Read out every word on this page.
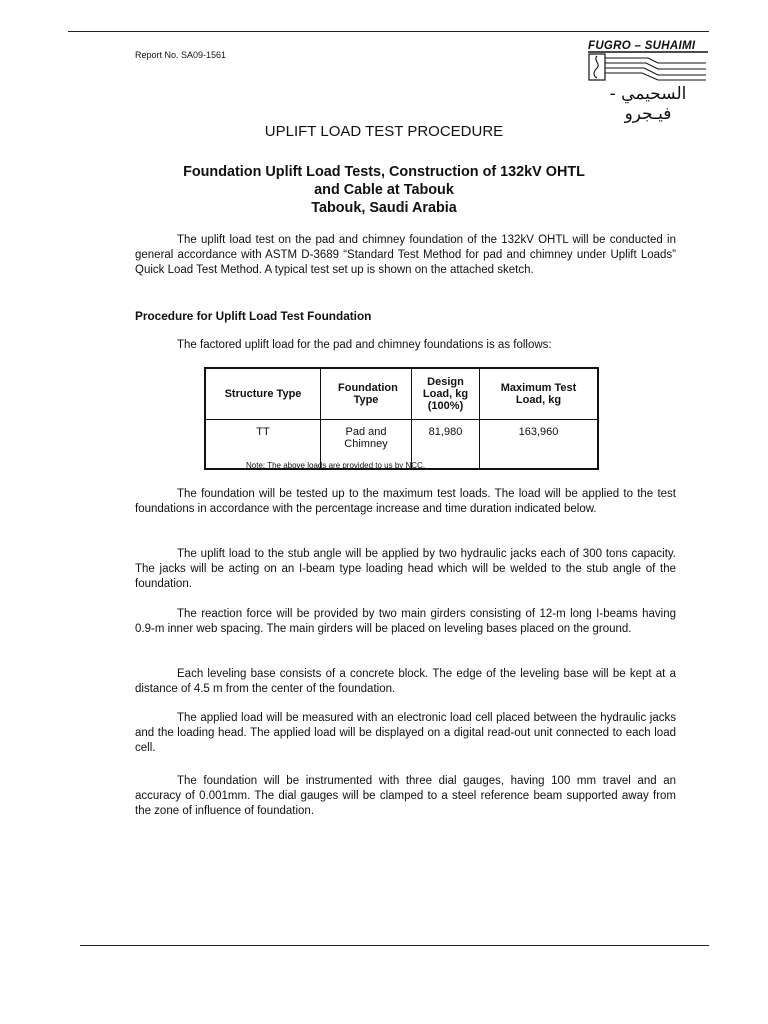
Report No. SA09-1561
FUGRO – SUHAIMI
السحيمي - فيـجرو
UPLIFT LOAD TEST PROCEDURE
Foundation Uplift Load Tests, Construction of 132kV OHTL
and Cable at Tabouk
Tabouk, Saudi Arabia

The uplift load test on the pad and chimney foundation of the 132kV OHTL will be conducted in general accordance with ASTM D-3689 “Standard Test Method for pad and chimney under Uplift Loads” Quick Load Test Method. A typical test set up is shown on the attached sketch.

Procedure for Uplift Load Test Foundation

The factored uplift load for the pad and chimney foundations is as follows:

Structure Type	Foundation Type	Design Load, kg (100%)	Maximum Test Load, kg

TT	Pad and Chimney	81,980	163,960
Note: The above loads are provided to us by NCC.

The foundation will be tested up to the maximum test loads. The load will be applied to the test foundations in accordance with the percentage increase and time duration indicated below.

The uplift load to the stub angle will be applied by two hydraulic jacks each of 300 tons capacity. The jacks will be acting on an I-beam type loading head which will be welded to the stub angle of the foundation.

The reaction force will be provided by two main girders consisting of 12-m long I-beams having 0.9-m inner web spacing. The main girders will be placed on leveling bases placed on the ground.

Each leveling base consists of a concrete block. The edge of the leveling base will be kept at a distance of 4.5 m from the center of the foundation.

The applied load will be measured with an electronic load cell placed between the hydraulic jacks and the loading head. The applied load will be displayed on a digital read-out unit connected to each load cell.

The foundation will be instrumented with three dial gauges, having 100 mm travel and an accuracy of 0.001mm. The dial gauges will be clamped to a steel reference beam supported away from the zone of influence of foundation.
